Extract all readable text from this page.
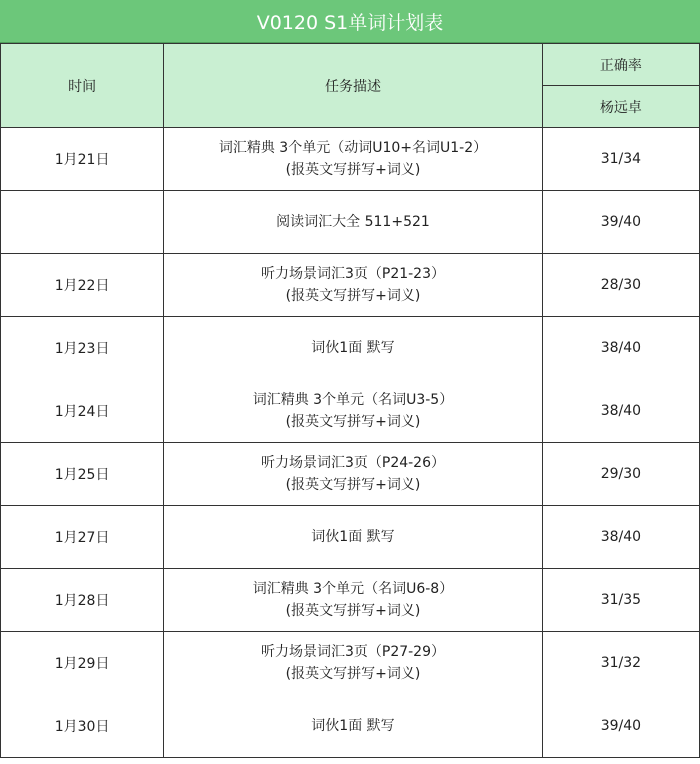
V0120 S1单词计划表
时间	任务描述	正确率
		杨远卓
1月21日	词汇精典 3个单元（动词U10+名词U1-2）
(报英文写拼写+词义)	31/34

	阅读词汇大全 511+521	39/40
1月22日	听力场景词汇3页（P21-23）
(报英文写拼写+词义)	28/30
1月23日	词伙1面 默写	38/40
1月24日	词汇精典 3个单元（名词U3-5）
(报英文写拼写+词义)	38/40
1月25日	听力场景词汇3页（P24-26）
(报英文写拼写+词义)	29/30
1月27日	词伙1面 默写	38/40
1月28日	词汇精典 3个单元（名词U6-8）
(报英文写拼写+词义)	31/35
1月29日	听力场景词汇3页（P27-29）
(报英文写拼写+词义)	31/32
1月30日	词伙1面 默写	39/40
